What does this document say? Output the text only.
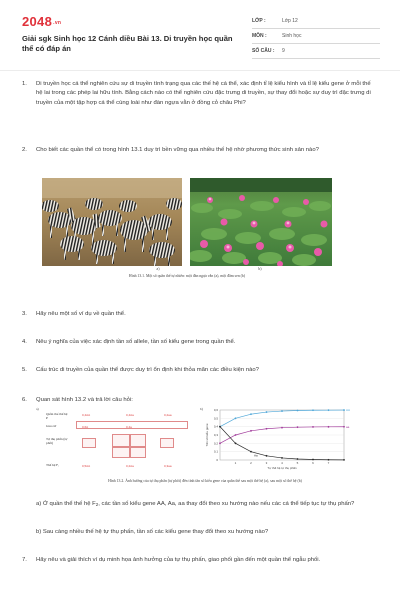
2048.vn
Giải sgk Sinh học 12 Cánh diều Bài 13. Di truyền học quần thể có đáp án
LỚP :	Lớp 12
MÔN :	Sinh học
SỐ CÂU :	9
1.	Di truyền học cá thể nghiên cứu sự di truyền tính trạng qua các thế hệ cá thể, xác định tỉ lệ kiểu hình và tỉ lệ kiểu gene ở mỗi thế hệ lai trong các phép lai hữu tính. Bằng cách nào có thể nghiên cứu đặc trưng di truyền, sự thay đổi hoặc sự duy trì đặc trưng di truyền của một tập hợp cá thể cùng loài như đàn ngựa vằn ở đồng cỏ châu Phi?
2.	Cho biết các quần thể có trong hình 13.1 duy trì bền vững qua nhiều thế hệ nhờ phương thức sinh sản nào?
a)	b)
Hình 13.1. Một số quần thể tự nhiên: một đàn ngựa vằn (a), một đầm sen (b)
3.	Hãy nêu một số ví dụ về quần thể.
4.	Nêu ý nghĩa của việc xác định tần số allele, tần số kiểu gene trong quần thể.
5.	Cấu trúc di truyền của quần thể được duy trì ổn định khi thỏa mãn các điều kiện nào?
6.	Quan sát hình 13.2 và trả lời câu hỏi:
a)
Quần thể thế hệ P
Giao tử
Tự thụ phấn (tự phối)
Thế hệ F₁
0,4AA	0,4Aa	0,2aa
0,6A	0,4a
0,5AA	0,2Aa	0,3aa
b)	0,6
0,5
0,4
0,3
0,2
0,1
0
1	2	3	4	5	6	7
Tự thế hệ tự thụ phấn
Tần số kiểu gene
AA
aa
Aa
Hình 13.2. Ảnh hưởng của tự thụ phấn (tự phối) đến tính tần số kiểu gene của quần thể sau một thế hệ (a), sau một số thế hệ (b)
a) Ở quần thể thế hệ $F_2$, các tần số kiểu gene AA, Aa, aa thay đổi theo xu hướng nào nếu các cá thể tiếp tục tự thụ phấn?
b) Sau càng nhiều thế hệ tự thụ phấn, tần số các kiểu gene thay đổi theo xu hướng nào?
7.	Hãy nêu và giải thích ví dụ minh họa ảnh hưởng của tự thụ phấn, giao phối gần đến một quần thể ngẫu phối.
